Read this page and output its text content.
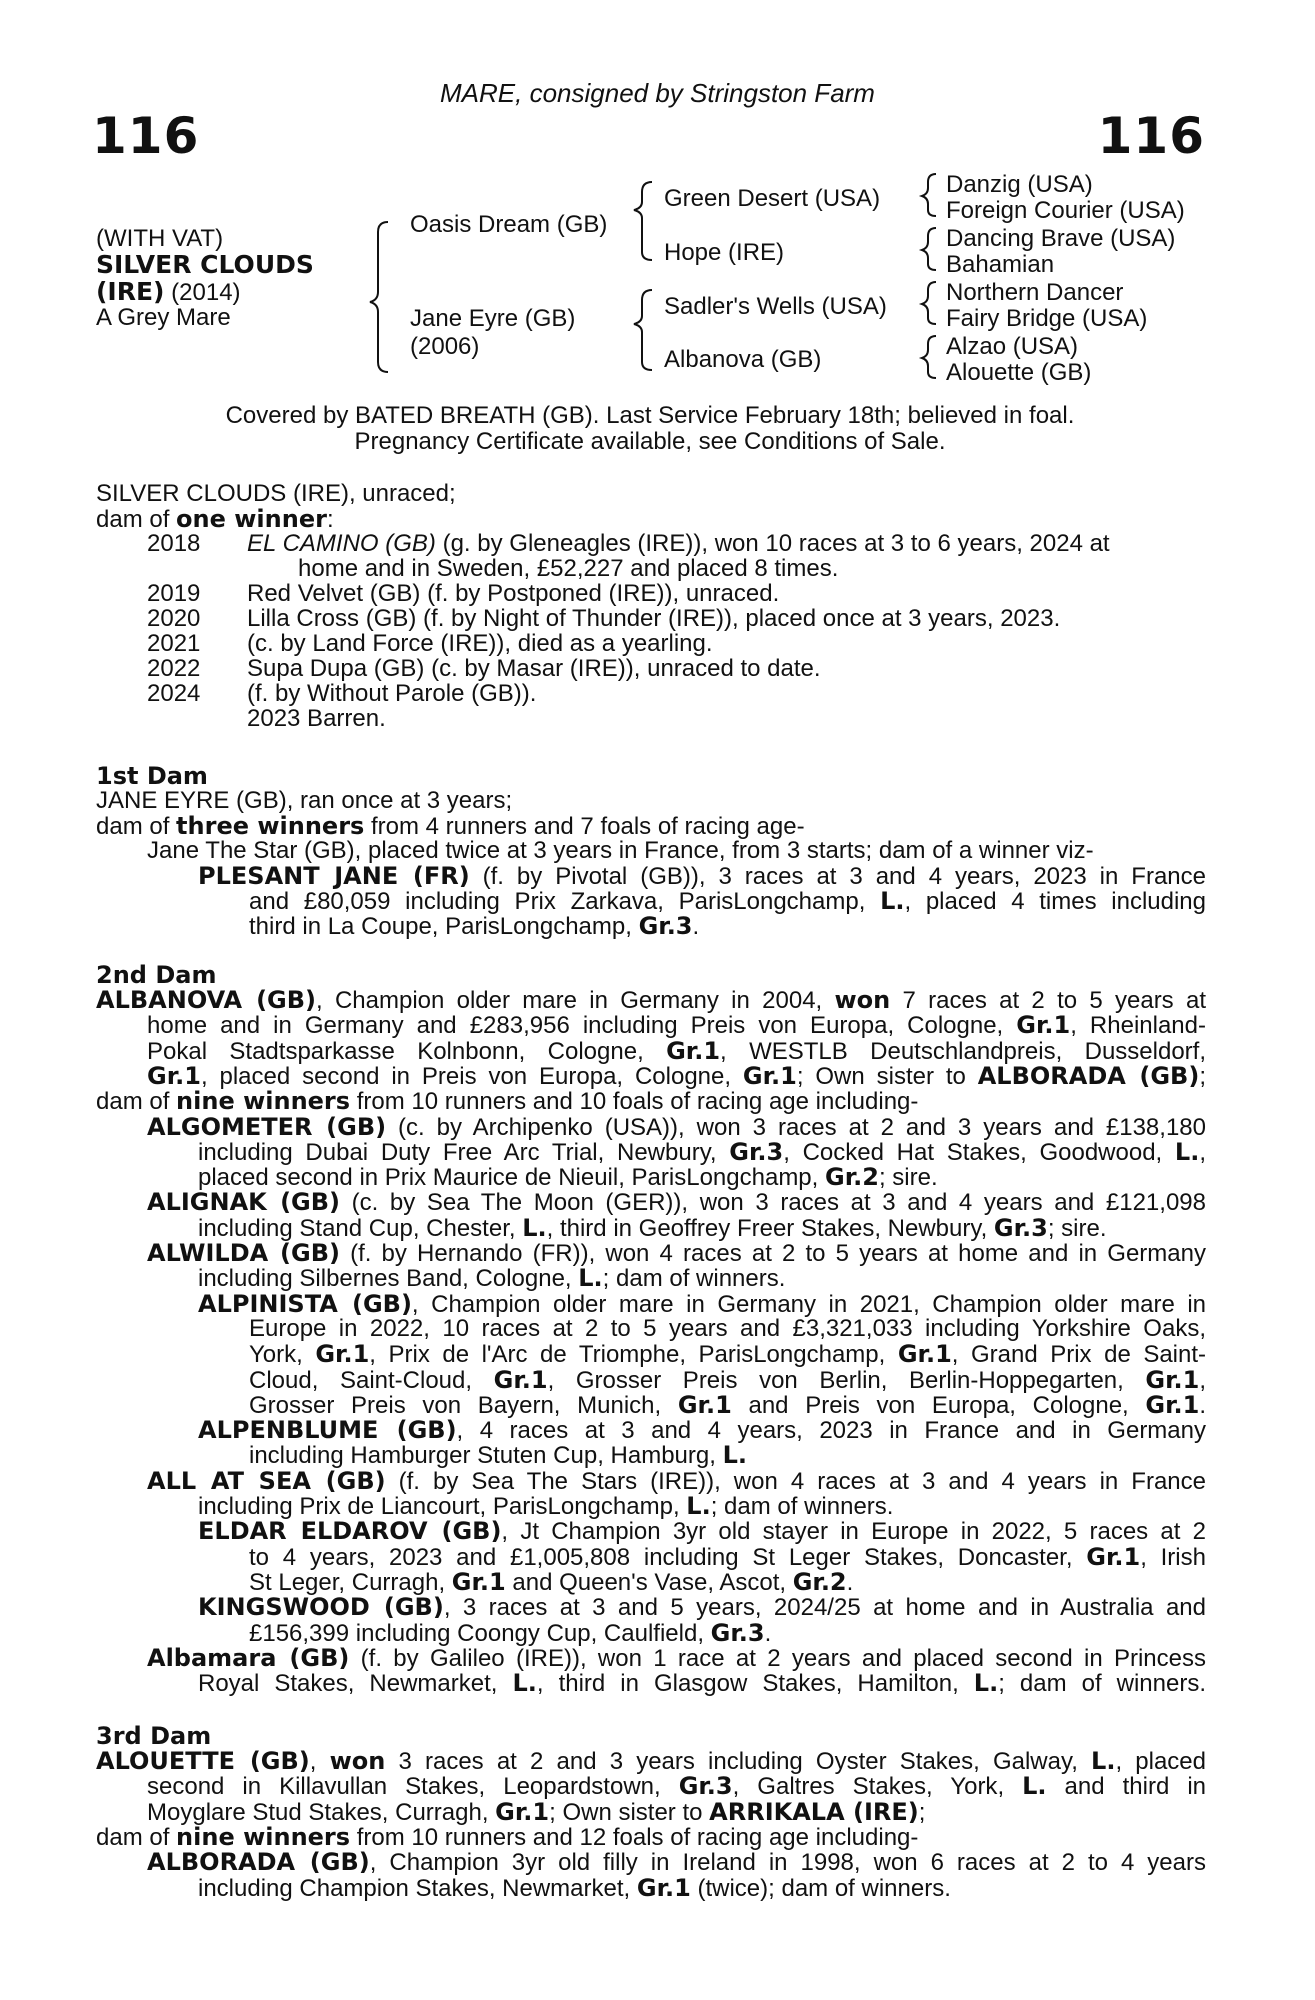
MARE, consigned by Stringston Farm
116	116
(WITH VAT)
SILVER CLOUDS
(IRE) (2014)
A Grey Mare
Oasis Dream (GB)
Jane Eyre (GB)
(2006)
Green Desert (USA)
Hope (IRE)
Sadler's Wells (USA)
Albanova (GB)
Danzig (USA)
Foreign Courier (USA)
Dancing Brave (USA)
Bahamian
Northern Dancer
Fairy Bridge (USA)
Alzao (USA)
Alouette (GB)
Covered by BATED BREATH (GB). Last Service February 18th; believed in foal.
Pregnancy Certificate available, see Conditions of Sale.
SILVER CLOUDS (IRE), unraced;
dam of one winner:
2018 EL CAMINO (GB) (g. by Gleneagles (IRE)), won 10 races at 3 to 6 years, 2024 at
home and in Sweden, £52,227 and placed 8 times.
2019 Red Velvet (GB) (f. by Postponed (IRE)), unraced.
2020 Lilla Cross (GB) (f. by Night of Thunder (IRE)), placed once at 3 years, 2023.
2021 (c. by Land Force (IRE)), died as a yearling.
2022 Supa Dupa (GB) (c. by Masar (IRE)), unraced to date.
2024 (f. by Without Parole (GB)).
2023 Barren.
1st Dam
JANE EYRE (GB), ran once at 3 years;
dam of three winners from 4 runners and 7 foals of racing age-
Jane The Star (GB), placed twice at 3 years in France, from 3 starts; dam of a winner viz-
PLESANT JANE (FR) (f. by Pivotal (GB)), 3 races at 3 and 4 years, 2023 in France
and £80,059 including Prix Zarkava, ParisLongchamp, L., placed 4 times including
third in La Coupe, ParisLongchamp, Gr.3.
2nd Dam
ALBANOVA (GB), Champion older mare in Germany in 2004, won 7 races at 2 to 5 years at
home and in Germany and £283,956 including Preis von Europa, Cologne, Gr.1, Rheinland-
Pokal Stadtsparkasse Kolnbonn, Cologne, Gr.1, WESTLB Deutschlandpreis, Dusseldorf,
Gr.1, placed second in Preis von Europa, Cologne, Gr.1; Own sister to ALBORADA (GB);
dam of nine winners from 10 runners and 10 foals of racing age including-
ALGOMETER (GB) (c. by Archipenko (USA)), won 3 races at 2 and 3 years and £138,180
including Dubai Duty Free Arc Trial, Newbury, Gr.3, Cocked Hat Stakes, Goodwood, L.,
placed second in Prix Maurice de Nieuil, ParisLongchamp, Gr.2; sire.
ALIGNAK (GB) (c. by Sea The Moon (GER)), won 3 races at 3 and 4 years and £121,098
including Stand Cup, Chester, L., third in Geoffrey Freer Stakes, Newbury, Gr.3; sire.
ALWILDA (GB) (f. by Hernando (FR)), won 4 races at 2 to 5 years at home and in Germany
including Silbernes Band, Cologne, L.; dam of winners.
ALPINISTA (GB), Champion older mare in Germany in 2021, Champion older mare in
Europe in 2022, 10 races at 2 to 5 years and £3,321,033 including Yorkshire Oaks,
York, Gr.1, Prix de l'Arc de Triomphe, ParisLongchamp, Gr.1, Grand Prix de Saint-
Cloud, Saint-Cloud, Gr.1, Grosser Preis von Berlin, Berlin-Hoppegarten, Gr.1,
Grosser Preis von Bayern, Munich, Gr.1 and Preis von Europa, Cologne, Gr.1.
ALPENBLUME (GB), 4 races at 3 and 4 years, 2023 in France and in Germany
including Hamburger Stuten Cup, Hamburg, L.
ALL AT SEA (GB) (f. by Sea The Stars (IRE)), won 4 races at 3 and 4 years in France
including Prix de Liancourt, ParisLongchamp, L.; dam of winners.
ELDAR ELDAROV (GB), Jt Champion 3yr old stayer in Europe in 2022, 5 races at 2
to 4 years, 2023 and £1,005,808 including St Leger Stakes, Doncaster, Gr.1, Irish
St Leger, Curragh, Gr.1 and Queen's Vase, Ascot, Gr.2.
KINGSWOOD (GB), 3 races at 3 and 5 years, 2024/25 at home and in Australia and
£156,399 including Coongy Cup, Caulfield, Gr.3.
Albamara (GB) (f. by Galileo (IRE)), won 1 race at 2 years and placed second in Princess
Royal Stakes, Newmarket, L., third in Glasgow Stakes, Hamilton, L.; dam of winners.
3rd Dam
ALOUETTE (GB), won 3 races at 2 and 3 years including Oyster Stakes, Galway, L., placed
second in Killavullan Stakes, Leopardstown, Gr.3, Galtres Stakes, York, L. and third in
Moyglare Stud Stakes, Curragh, Gr.1; Own sister to ARRIKALA (IRE);
dam of nine winners from 10 runners and 12 foals of racing age including-
ALBORADA (GB), Champion 3yr old filly in Ireland in 1998, won 6 races at 2 to 4 years
including Champion Stakes, Newmarket, Gr.1 (twice); dam of winners.
